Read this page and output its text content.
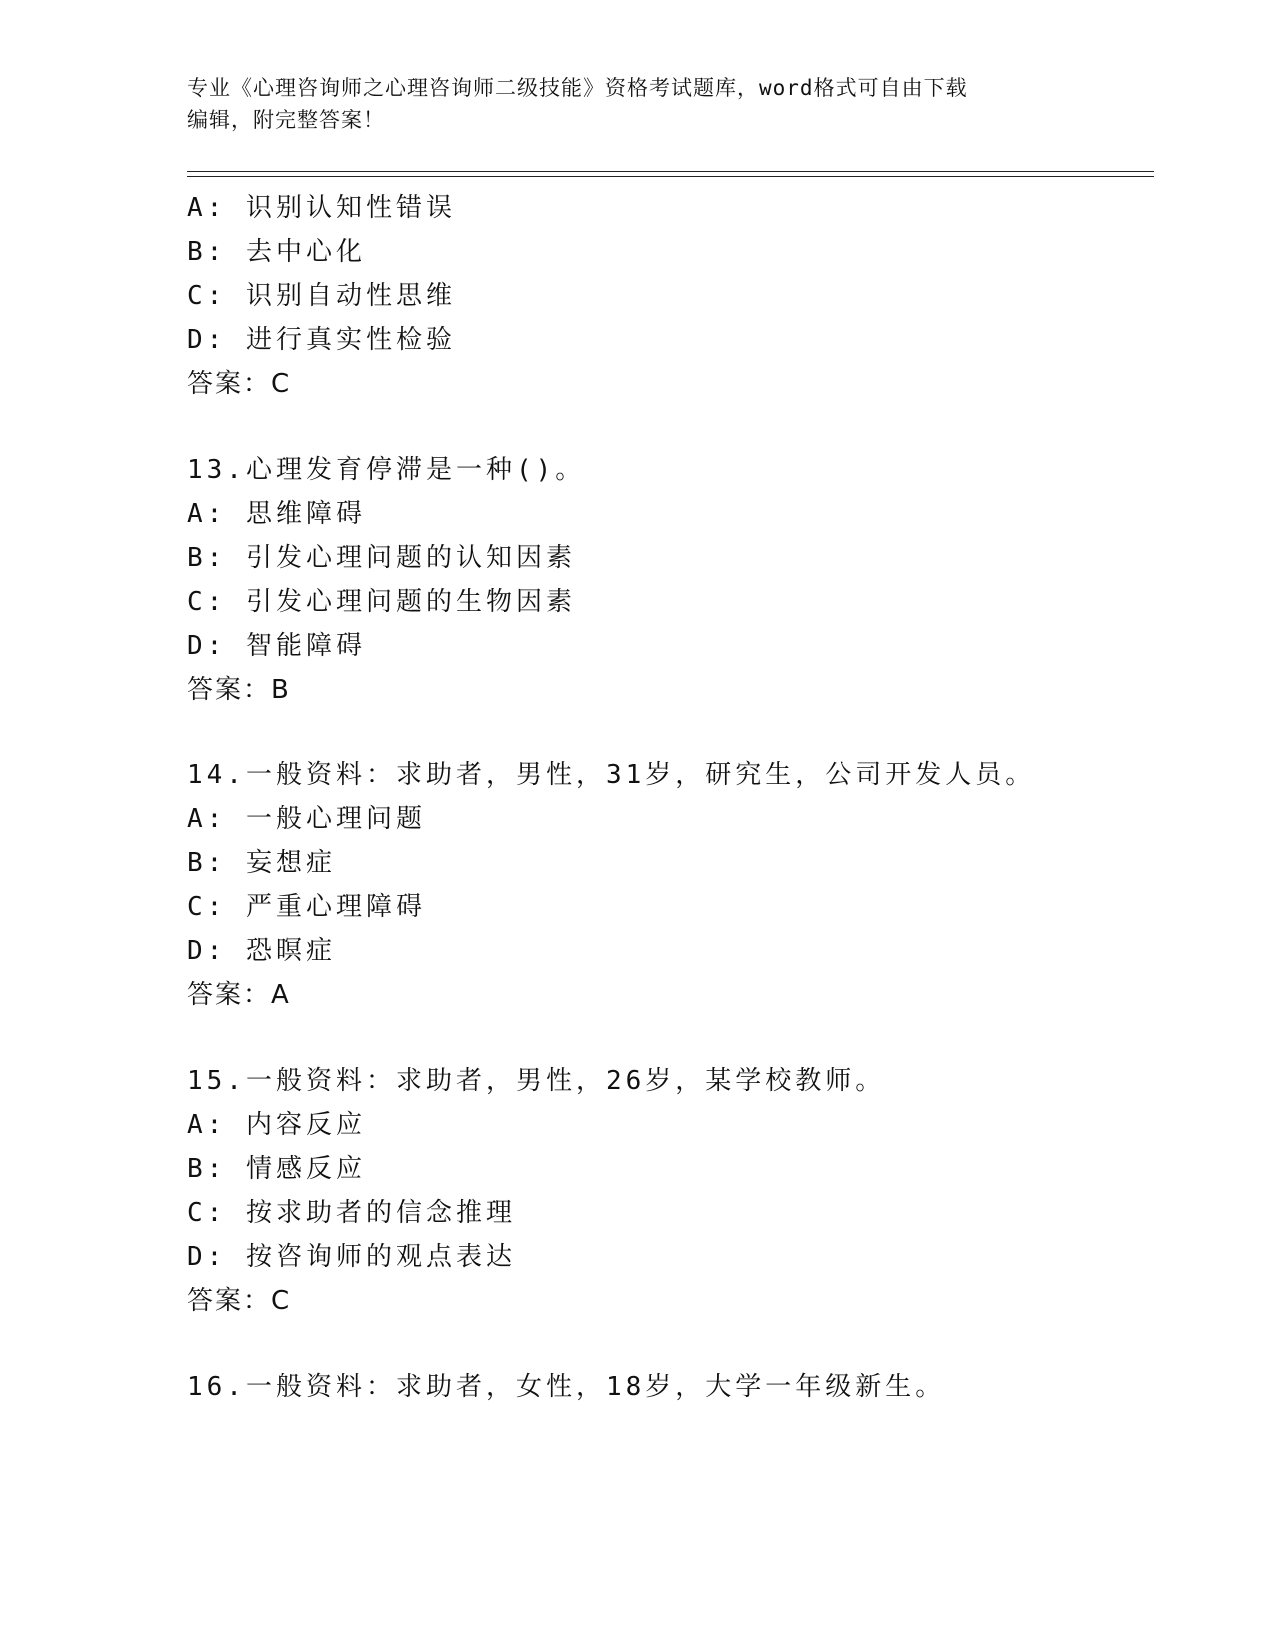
专业《心理咨询师之心理咨询师二级技能》资格考试题库，word格式可自由下载

编辑，附完整答案！

A: 识别认知性错误
B: 去中心化
C: 识别自动性思维
D: 进行真实性检验
答案：C
13.心理发育停滞是一种()。
A: 思维障碍
B: 引发心理问题的认知因素
C: 引发心理问题的生物因素
D: 智能障碍
答案：B
14.一般资料：求助者，男性，31岁，研究生，公司开发人员。
A: 一般心理问题
B: 妄想症
C: 严重心理障碍
D: 恐暝症
答案：A
15.一般资料：求助者，男性，26岁，某学校教师。
A: 内容反应
B: 情感反应
C: 按求助者的信念推理
D: 按咨询师的观点表达
答案：C
16.一般资料：求助者，女性，18岁，大学一年级新生。
